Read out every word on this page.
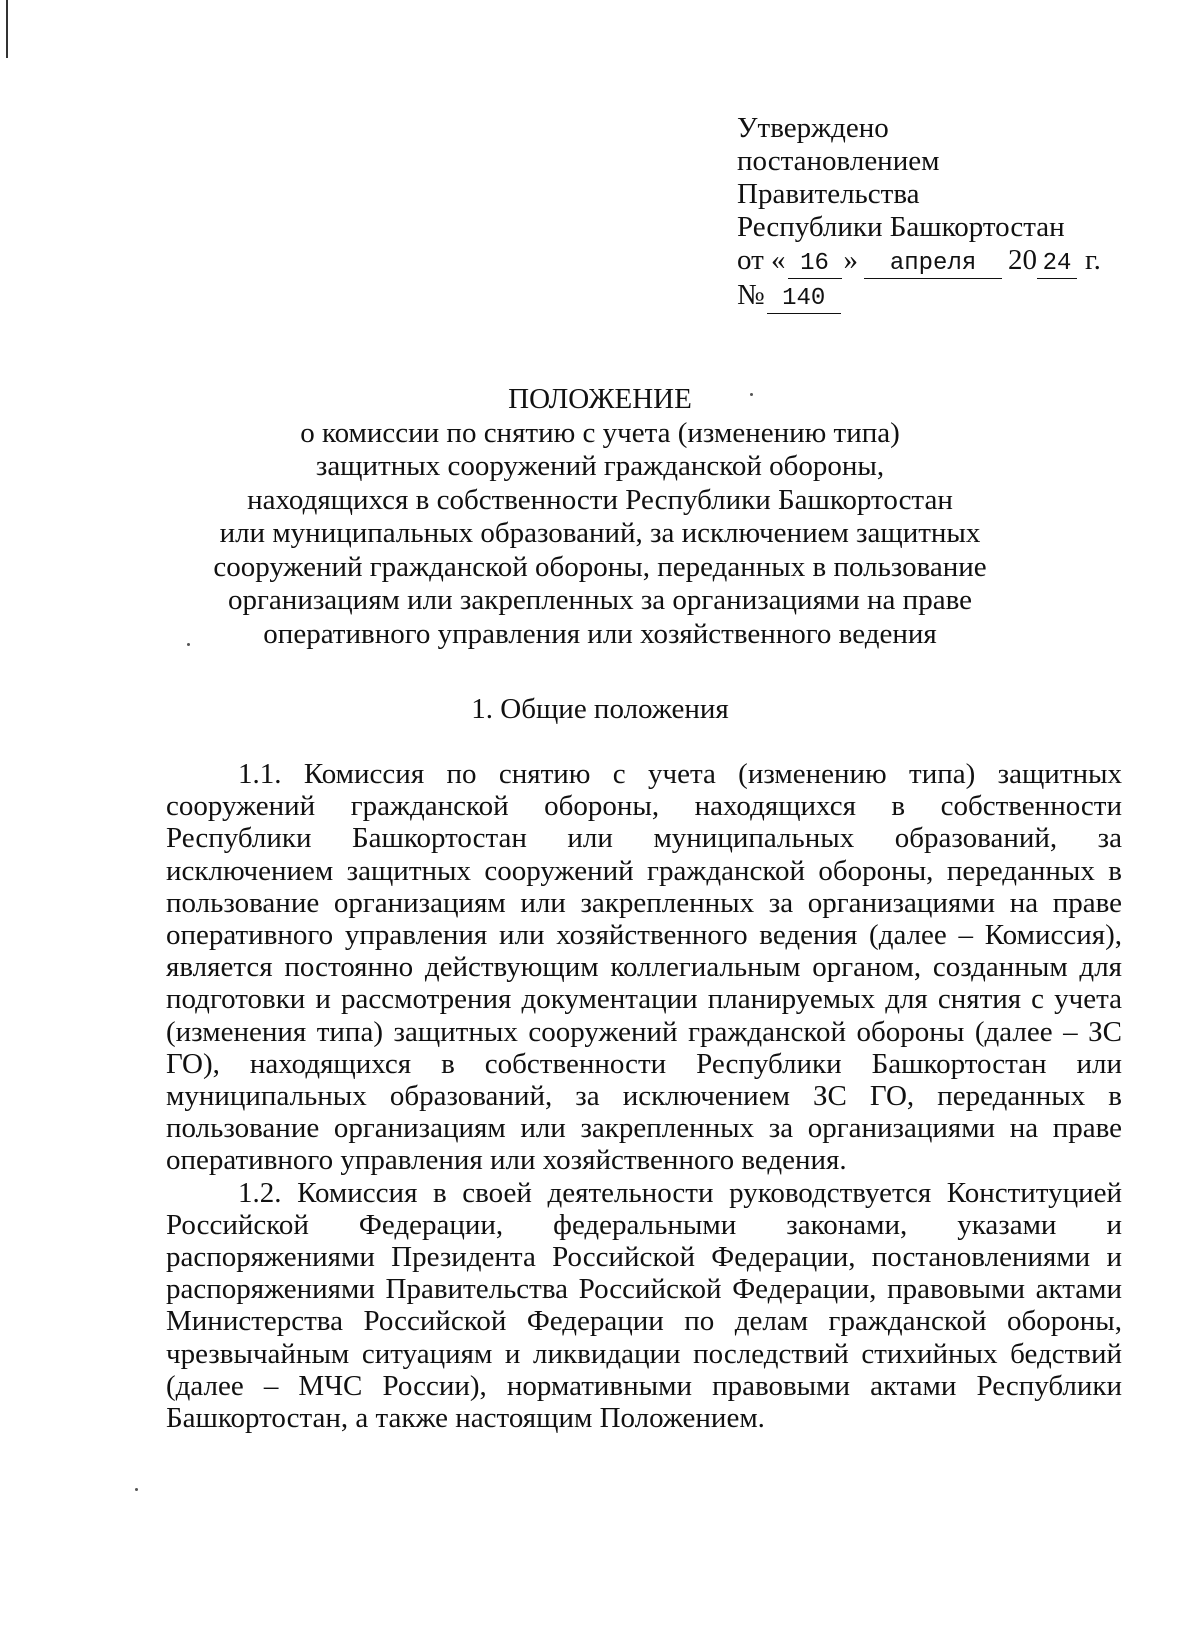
Утверждено
постановлением
Правительства
Республики Башкортостан
от « 16 » апреля 20 24 г.
№ 140
ПОЛОЖЕНИЕ
о комиссии по снятию с учета (изменению типа)
защитных сооружений гражданской обороны,
находящихся в собственности Республики Башкортостан
или муниципальных образований, за исключением защитных
сооружений гражданской обороны, переданных в пользование
организациям или закрепленных за организациями на праве
оперативного управления или хозяйственного ведения
1. Общие положения

1.1. Комиссия по снятию с учета (изменению типа) защитных сооружений гражданской обороны, находящихся в собственности Республики Башкортостан или муниципальных образований, за исключением защитных сооружений гражданской обороны, переданных в пользование организациям или закрепленных за организациями на праве оперативного управления или хозяйственного ведения (далее – Комиссия), является постоянно действующим коллегиальным органом, созданным для подготовки и рассмотрения документации планируемых для снятия с учета (изменения типа) защитных сооружений гражданской обороны (далее – ЗС ГО), находящихся в собственности Республики Башкортостан или муниципальных образований, за исключением ЗС ГО, переданных в пользование организациям или закрепленных за организациями на праве оперативного управления или хозяйственного ведения.

1.2. Комиссия в своей деятельности руководствуется Конституцией Российской Федерации, федеральными законами, указами и распоряжениями Президента Российской Федерации, постановлениями и распоряжениями Правительства Российской Федерации, правовыми актами Министерства Российской Федерации по делам гражданской обороны, чрезвычайным ситуациям и ликвидации последствий стихийных бедствий (далее – МЧС России), нормативными правовыми актами Республики Башкортостан, а также настоящим Положением.
